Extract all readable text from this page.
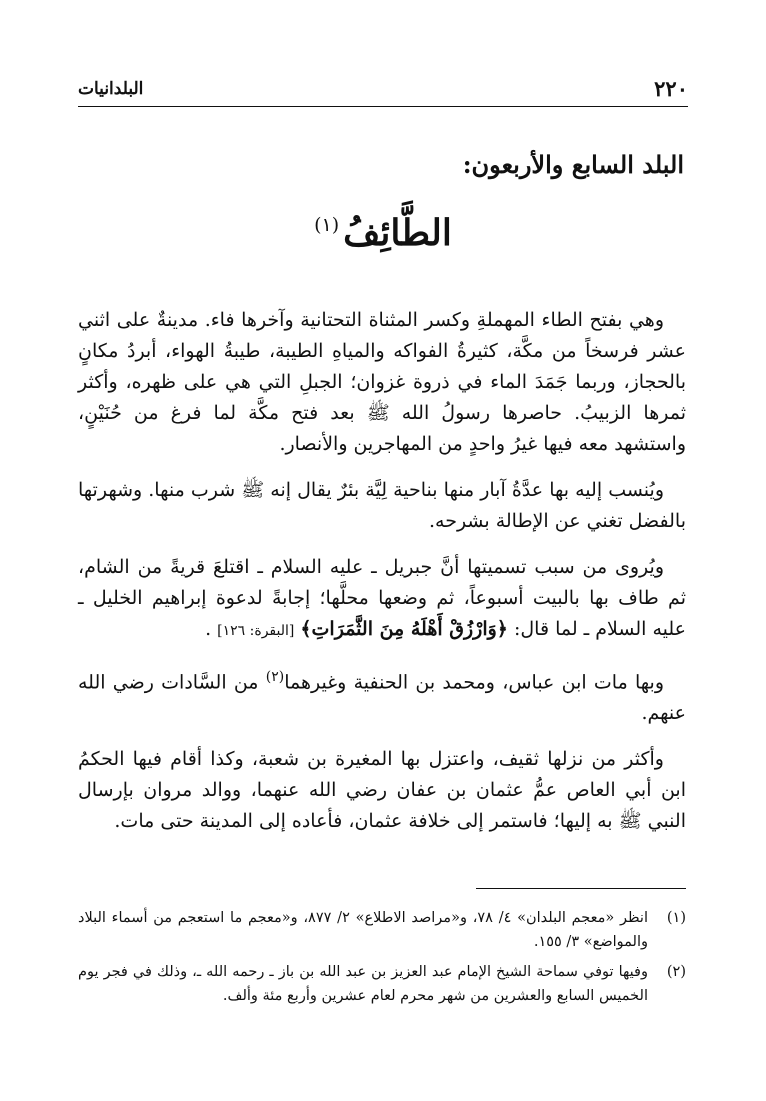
٢٢٠
البلدانيات
البلد السابع والأربعون:
الطَّائِفُ$^{(١)}$

وهي بفتح الطاء المهملةِ وكسر المثناة التحتانية وآخرها فاء. مدينةٌ على اثني عشر فرسخاً من مكَّة، كثيرةُ الفواكه والمياهِ الطيبة، طيبةُ الهواء، أبردُ مكانٍ بالحجاز، وربما جَمَدَ الماء في ذروة غزوان؛ الجبلِ التي هي على ظهره، وأكثر ثمرها الزبيبُ. حاصرها رسولُ الله ﷺ بعد فتح مكَّة لما فرغ من حُنَيْنٍ، واستشهد معه فيها غيرُ واحدٍ من المهاجرين والأنصار.

ويُنسب إليه بها عدَّةُ آبار منها بناحية لِيَّة بئرٌ يقال إنه ﷺ شرب منها. وشهرتها بالفضل تغني عن الإطالة بشرحه.

ويُروى من سبب تسميتها أنَّ جبريل ـ عليه السلام ـ اقتلعَ قريةً من الشام، ثم طاف بها بالبيت أسبوعاً، ثم وضعها محلَّها؛ إجابةً لدعوة إبراهيم الخليل ـ عليه السلام ـ لما قال: ﴿وَارْزُقْ أَهْلَهُ مِنَ الثَّمَرَاتِ﴾ [البقرة: ١٢٦] .

وبها مات ابن عباس، ومحمد بن الحنفية وغيرهما$^{(٢)}$ من السَّادات رضي الله عنهم.

وأكثر من نزلها ثقيف، واعتزل بها المغيرة بن شعبة، وكذا أقام فيها الحكمُ ابن أبي العاص عمُّ عثمان بن عفان رضي الله عنهما، ووالد مروان بإرسال النبي ﷺ به إليها؛ فاستمر إلى خلافة عثمان، فأعاده إلى المدينة حتى مات.

(١)
انظر «معجم البلدان» ٤/ ٧٨، و«مراصد الاطلاع» ٢/ ٨٧٧، و«معجم ما استعجم من أسماء البلاد والمواضع» ٣/ ١٥٥.
(٢)
وفيها توفي سماحة الشيخ الإمام عبد العزيز بن عبد الله بن باز ـ رحمه الله ـ، وذلك في فجر يوم الخميس السابع والعشرين من شهر محرم لعام عشرين وأربع مئة وألف.
